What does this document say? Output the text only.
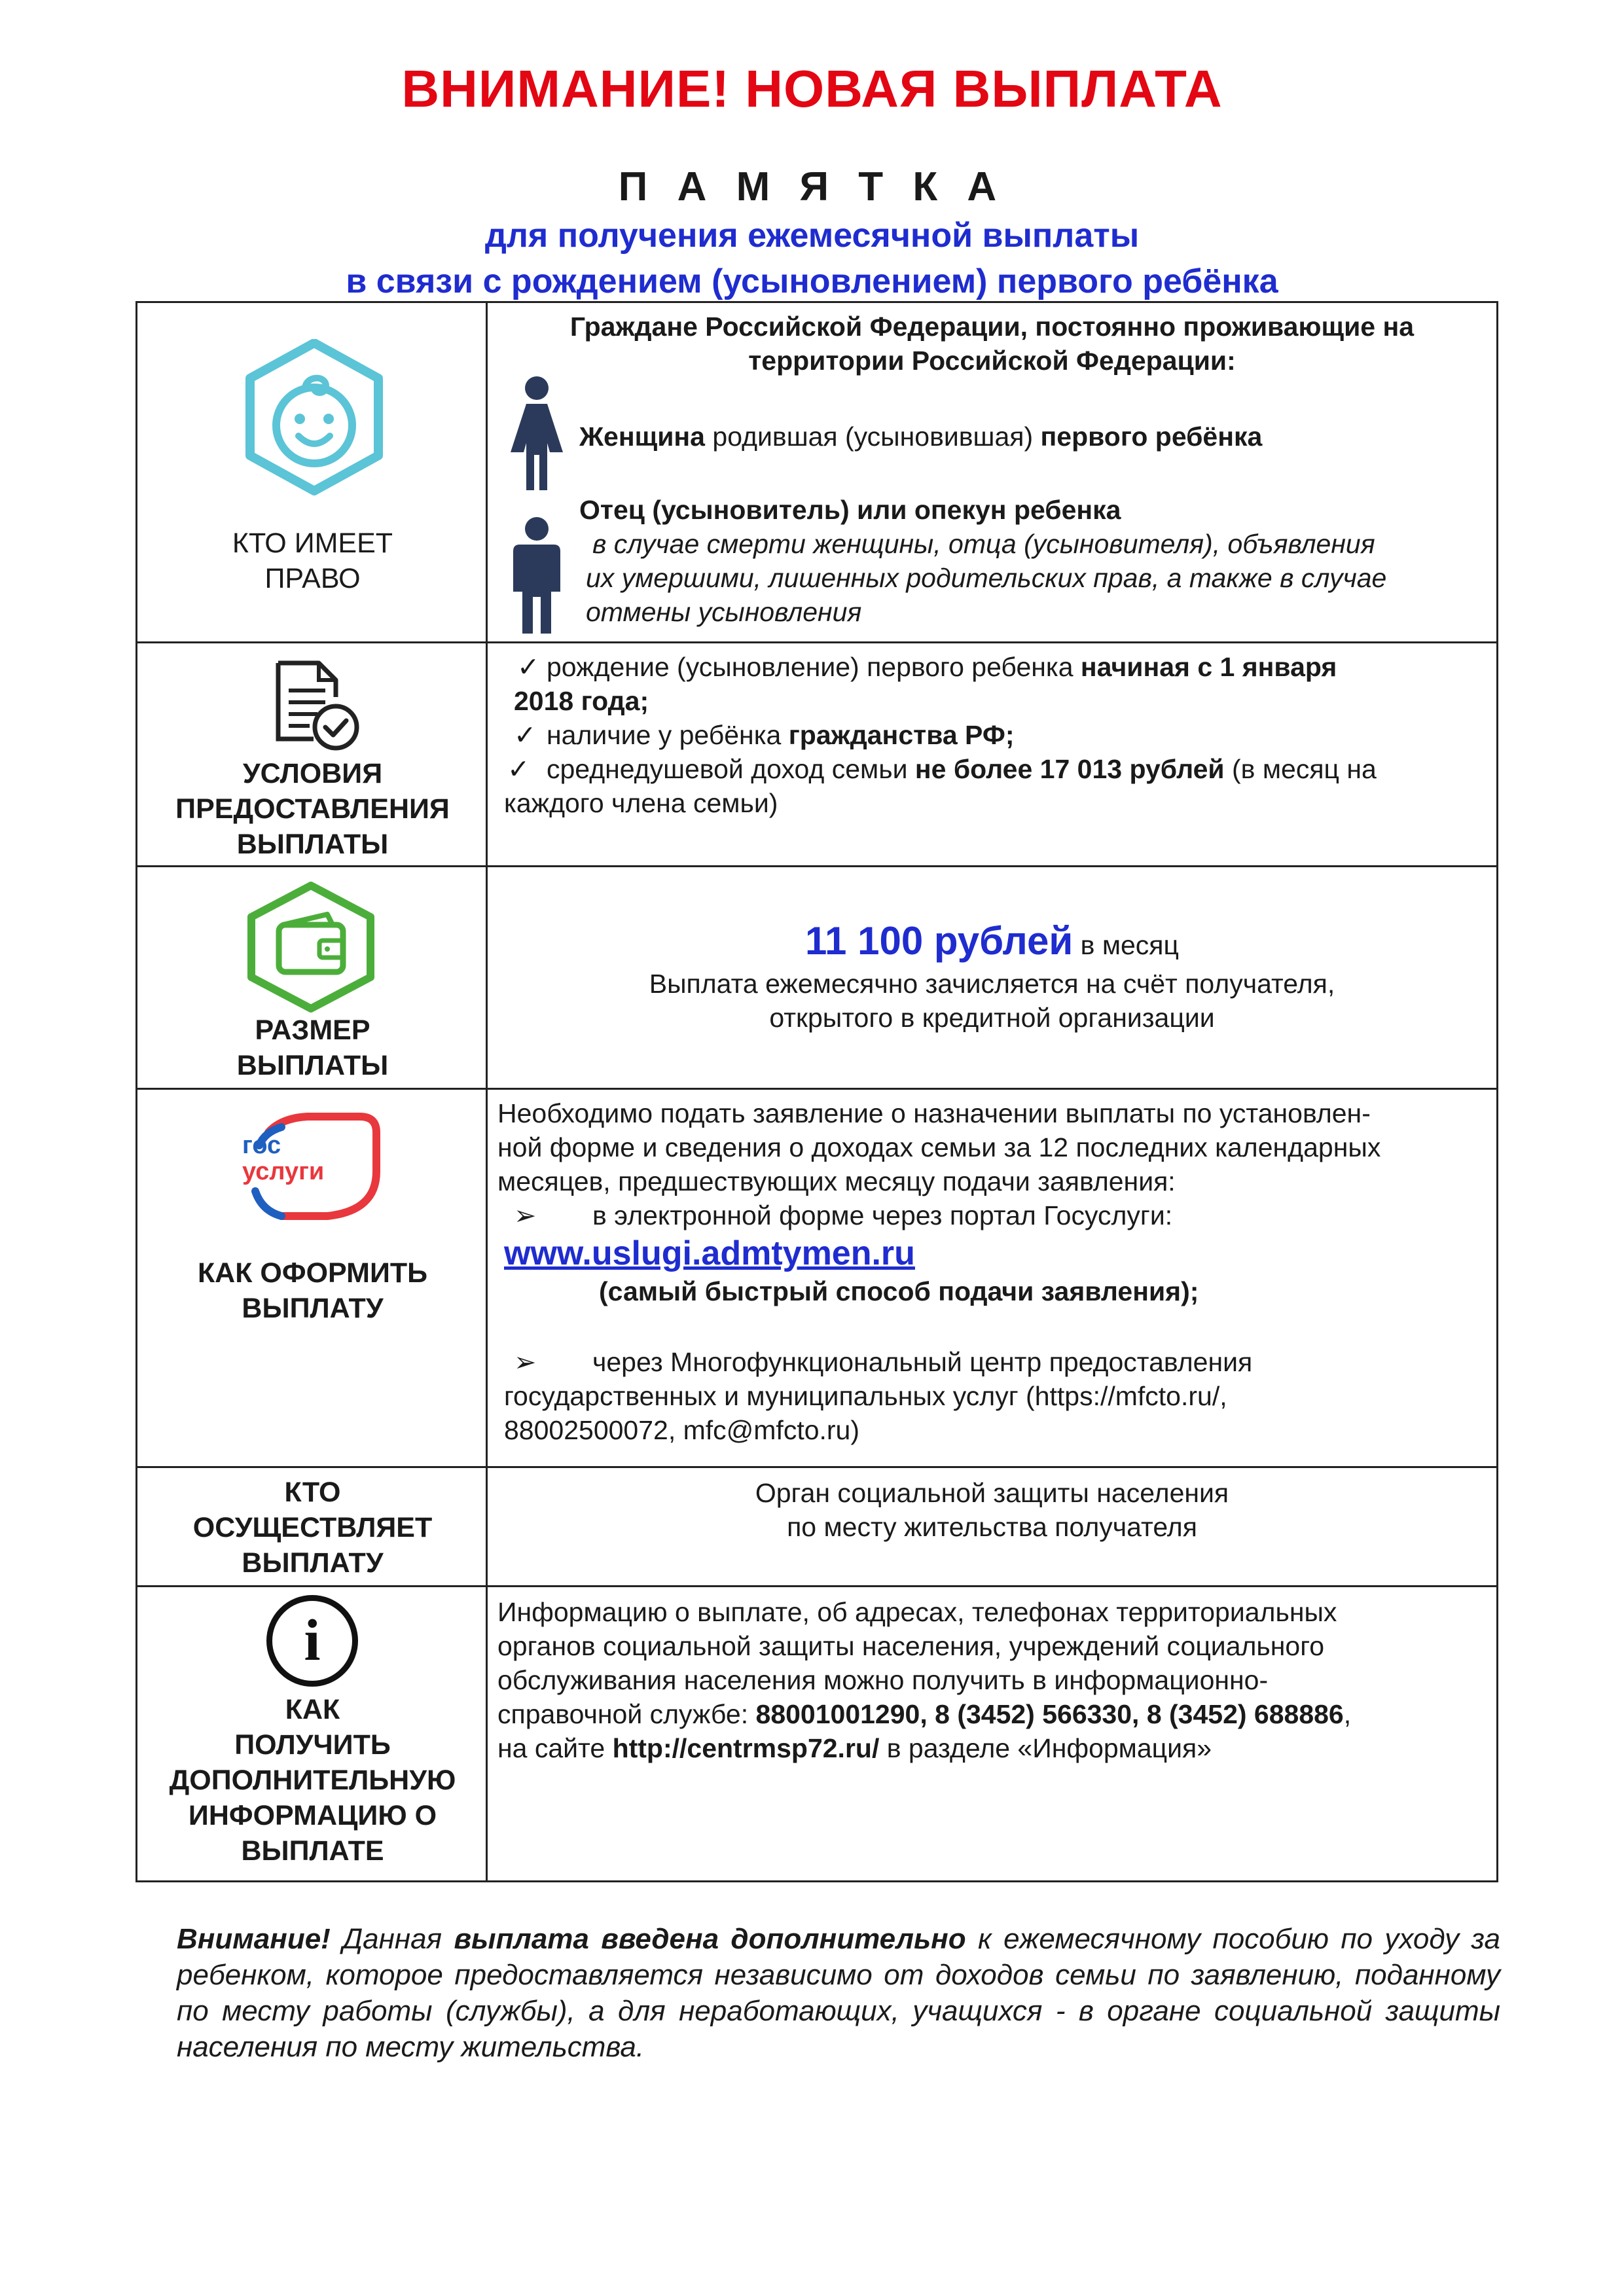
ВНИМАНИЕ! НОВАЯ ВЫПЛАТА
П А М Я Т К А
для получения ежемесячной выплаты
в связи с рождением (усыновлением) первого ребёнка
КТО ИМЕЕТ
ПРАВО
Граждане Российской Федерации, постоянно проживающие на
территории Российской Федерации:
Женщина родившая (усыновившая) первого ребёнка
Отец (усыновитель) или опекун ребенка
в случае смерти женщины, отца (усыновителя), объявления
их умершими, лишенных родительских прав, а также в случае
отмены усыновления
УСЛОВИЯ
ПРЕДОСТАВЛЕНИЯ
ВЫПЛАТЫ
✓ рождение (усыновление) первого ребенка начиная с 1 января
2018 года;
✓ наличие у ребёнка гражданства РФ;
✓ среднедушевой доход семьи не более 17 013 рублей (в месяц на
каждого члена семьи)
РАЗМЕР
ВЫПЛАТЫ
11 100 рублей в месяц
Выплата ежемесячно зачисляется на счёт получателя,
открытого в кредитной организации
гос
услуги
КАК ОФОРМИТЬ
ВЫПЛАТУ
Необходимо подать заявление о назначении выплаты по установлен-
ной форме и сведения о доходах семьи за 12 последних календарных
месяцев, предшествующих месяцу подачи заявления:
➢ в электронной форме через портал Госуслуги:
www.uslugi.admtymen.ru
(самый быстрый способ подачи заявления);
➢ через Многофункциональный центр предоставления
государственных и муниципальных услуг (https://mfcto.ru/,
88002500072, mfc@mfcto.ru)
КТО
ОСУЩЕСТВЛЯЕТ
ВЫПЛАТУ
Орган социальной защиты населения
по месту жительства получателя
i
КАК
ПОЛУЧИТЬ
ДОПОЛНИТЕЛЬНУЮ
ИНФОРМАЦИЮ О
ВЫПЛАТЕ
Информацию о выплате, об адресах, телефонах территориальных
органов социальной защиты населения, учреждений социального
обслуживания населения можно получить в информационно-
справочной службе: 88001001290, 8 (3452) 566330, 8 (3452) 688886,
на сайте http://centrmsp72.ru/ в разделе «Информация»
Внимание! Данная выплата введена дополнительно к ежемесячному пособию по уходу за ребенком, которое предоставляется независимо от доходов семьи по заявлению, поданному по месту работы (службы), а для неработающих, учащихся - в органе социальной защиты населения по месту жительства.
